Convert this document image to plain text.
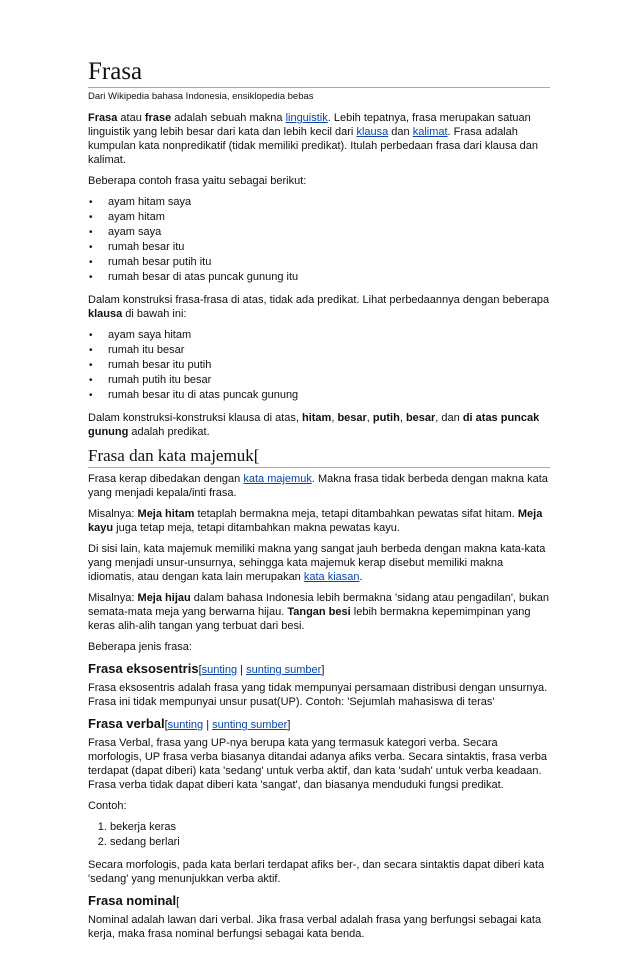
Frasa
Dari Wikipedia bahasa Indonesia, ensiklopedia bebas

Frasa atau frase adalah sebuah makna linguistik. Lebih tepatnya, frasa merupakan satuan linguistik yang lebih besar dari kata dan lebih kecil dari klausa dan kalimat. Frasa adalah kumpulan kata nonpredikatif (tidak memiliki predikat). Itulah perbedaan frasa dari klausa dan kalimat.

Beberapa contoh frasa yaitu sebagai berikut:

• ayam hitam saya
• ayam hitam
• ayam saya
• rumah besar itu
• rumah besar putih itu
• rumah besar di atas puncak gunung itu

Dalam konstruksi frasa-frasa di atas, tidak ada predikat. Lihat perbedaannya dengan beberapa klausa di bawah ini:

• ayam saya hitam
• rumah itu besar
• rumah besar itu putih
• rumah putih itu besar
• rumah besar itu di atas puncak gunung

Dalam konstruksi-konstruksi klausa di atas, hitam, besar, putih, besar, dan di atas puncak gunung adalah predikat.

Frasa dan kata majemuk[

Frasa kerap dibedakan dengan kata majemuk. Makna frasa tidak berbeda dengan makna kata yang menjadi kepala/inti frasa.

Misalnya: Meja hitam tetaplah bermakna meja, tetapi ditambahkan pewatas sifat hitam. Meja kayu juga tetap meja, tetapi ditambahkan makna pewatas kayu.

Di sisi lain, kata majemuk memiliki makna yang sangat jauh berbeda dengan makna kata-kata yang menjadi unsur-unsurnya, sehingga kata majemuk kerap disebut memiliki makna idiomatis, atau dengan kata lain merupakan kata kiasan.

Misalnya: Meja hijau dalam bahasa Indonesia lebih bermakna 'sidang atau pengadilan', bukan semata-mata meja yang berwarna hijau. Tangan besi lebih bermakna kepemimpinan yang keras alih-alih tangan yang terbuat dari besi.

Beberapa jenis frasa:

Frasa eksosentris[sunting | sunting sumber]

Frasa eksosentris adalah frasa yang tidak mempunyai persamaan distribusi dengan unsurnya. Frasa ini tidak mempunyai unsur pusat(UP). Contoh: 'Sejumlah mahasiswa di teras'

Frasa verbal[sunting | sunting sumber]

Frasa Verbal, frasa yang UP-nya berupa kata yang termasuk kategori verba. Secara morfologis, UP frasa verba biasanya ditandai adanya afiks verba. Secara sintaktis, frasa verba terdapat (dapat diberi) kata 'sedang' untuk verba aktif, dan kata 'sudah' untuk verba keadaan. Frasa verba tidak dapat diberi kata 'sangat', dan biasanya menduduki fungsi predikat.

Contoh:

1. bekerja keras
2. sedang berlari

Secara morfologis, pada kata berlari terdapat afiks ber-, dan secara sintaktis dapat diberi kata 'sedang' yang menunjukkan verba aktif.

Frasa nominal[

Nominal adalah lawan dari verbal. Jika frasa verbal adalah frasa yang berfungsi sebagai kata kerja, maka frasa nominal berfungsi sebagai kata benda.
